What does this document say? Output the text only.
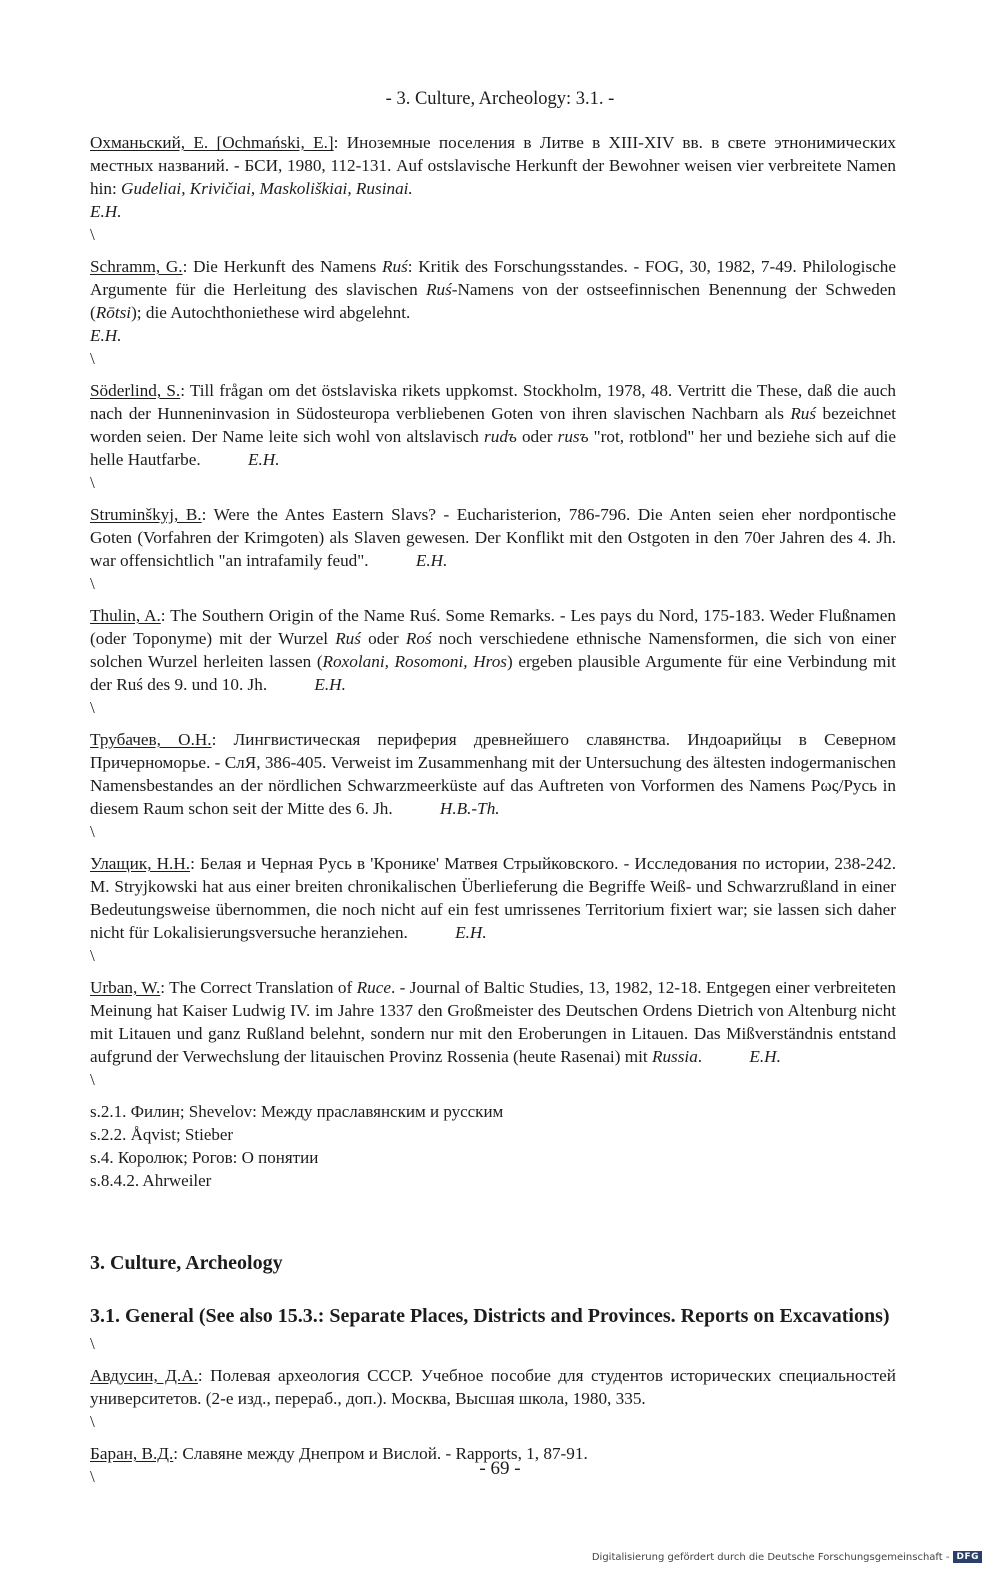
- 3. Culture, Archeology: 3.1. -

Охманьский, Е. [Ochmański, E.]: Иноземные поселения в Литве в XIII-XIV вв. в свете этнонимических местных названий. - БСИ, 1980, 112-131. Auf ostslavische Herkunft der Bewohner weisen vier verbreitete Namen hin: Gudeliai, Krivičiai, Maskoliškiai, Rusinai.
E.H.

\

Schramm, G.: Die Herkunft des Namens Ruś: Kritik des Forschungsstandes. - FOG, 30, 1982, 7-49. Philologische Argumente für die Herleitung des slavischen Ruś-Namens von der ostseefinnischen Benennung der Schweden (Rōtsi); die Autochthoniethese wird abgelehnt.
E.H.

\

Söderlind, S.: Till frågan om det östslaviska rikets uppkomst. Stockholm, 1978, 48. Vertritt die These, daß die auch nach der Hunneninvasion in Südosteuropa verbliebenen Goten von ihren slavischen Nachbarn als Ruś bezeichnet worden seien. Der Name leite sich wohl von altslavisch rudъ oder rusъ "rot, rotblond" her und beziehe sich auf die helle Hautfarbe.	E.H.

\

Struminškyj, B.: Were the Antes Eastern Slavs? - Eucharisterion, 786-796. Die Anten seien eher nordpontische Goten (Vorfahren der Krimgoten) als Slaven gewesen. Der Konflikt mit den Ostgoten in den 70er Jahren des 4. Jh. war offensichtlich "an intrafamily feud".	E.H.

\

Thulin, A.: The Southern Origin of the Name Ruś. Some Remarks. - Les pays du Nord, 175-183. Weder Flußnamen (oder Toponyme) mit der Wurzel Ruś oder Roś noch verschiedene ethnische Namensformen, die sich von einer solchen Wurzel herleiten lassen (Roxolani, Rosomoni, Hros) ergeben plausible Argumente für eine Verbindung mit der Ruś des 9. und 10. Jh.	E.H.

\

Трубачев, О.Н.: Лингвистическая периферия древнейшего славянства. Индоарийцы в Северном Причерноморье. - СлЯ, 386-405. Verweist im Zusammenhang mit der Untersuchung des ältesten indogermanischen Namensbestandes an der nördlichen Schwarzmeerküste auf das Auftreten von Vorformen des Namens Ρως/Русь in diesem Raum schon seit der Mitte des 6. Jh.	H.B.-Th.

\

Улащик, Н.Н.: Белая и Черная Русь в 'Кронике' Матвея Стрыйковского. - Исследования по истории, 238-242. M. Stryjkowski hat aus einer breiten chronikalischen Überlieferung die Begriffe Weiß- und Schwarzrußland in einer Bedeutungsweise übernommen, die noch nicht auf ein fest umrissenes Territorium fixiert war; sie lassen sich daher nicht für Lokalisierungsversuche heranziehen.	E.H.

\

Urban, W.: The Correct Translation of Ruce. - Journal of Baltic Studies, 13, 1982, 12-18. Entgegen einer verbreiteten Meinung hat Kaiser Ludwig IV. im Jahre 1337 den Großmeister des Deutschen Ordens Dietrich von Altenburg nicht mit Litauen und ganz Rußland belehnt, sondern nur mit den Eroberungen in Litauen. Das Mißverständnis entstand aufgrund der Verwechslung der litauischen Provinz Rossenia (heute Rasenai) mit Russia.	E.H.

\

s.2.1. Филин; Shevelov: Между праславянским и русским

s.2.2. Åqvist; Stieber

s.4. Королюк; Рогов: О понятии

s.8.4.2. Ahrweiler

3. Culture, Archeology
3.1. General (See also 15.3.: Separate Places, Districts and Provinces. Reports on Excavations)

\

Авдусин, Д.А.: Полевая археология СССР. Учебное пособие для студентов исторических специальностей университетов. (2-е изд., перераб., доп.). Москва, Высшая школа, 1980, 335.

\

Баран, В.Д.: Славяне между Днепром и Вислой. - Rapports, 1, 87-91.

\	- 69 -
Digitalisierung gefördert durch die Deutsche Forschungsgemeinschaft - DFG
